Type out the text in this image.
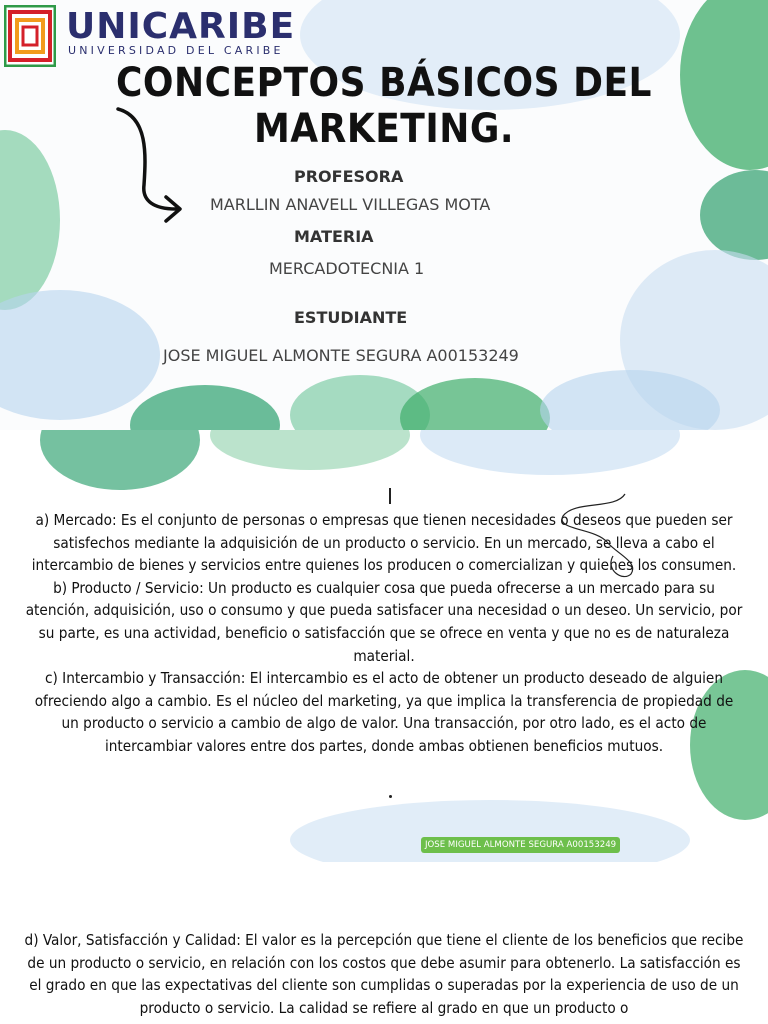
UNICARIBE
UNIVERSIDAD DEL CARIBE
CONCEPTOS BÁSICOS DEL MARKETING.
PROFESORA
MARLLIN ANAVELL VILLEGAS MOTA
MATERIA
MERCADOTECNIA 1
ESTUDIANTE
JOSE MIGUEL ALMONTE SEGURA A00153249

a) Mercado: Es el conjunto de personas o empresas que tienen necesidades o deseos que pueden ser satisfechos mediante la adquisición de un producto o servicio. En un mercado, se lleva a cabo el intercambio de bienes y servicios entre quienes los producen o comercializan y quienes los consumen.

b) Producto / Servicio: Un producto es cualquier cosa que pueda ofrecerse a un mercado para su atención, adquisición, uso o consumo y que pueda satisfacer una necesidad o un deseo. Un servicio, por su parte, es una actividad, beneficio o satisfacción que se ofrece en venta y que no es de naturaleza material.

c) Intercambio y Transacción: El intercambio es el acto de obtener un producto deseado de alguien ofreciendo algo a cambio. Es el núcleo del marketing, ya que implica la transferencia de propiedad de un producto o servicio a cambio de algo de valor. Una transacción, por otro lado, es el acto de intercambiar valores entre dos partes, donde ambas obtienen beneficios mutuos.

JOSE MIGUEL ALMONTE SEGURA A00153249

d) Valor, Satisfacción y Calidad: El valor es la percepción que tiene el cliente de los beneficios que recibe de un producto o servicio, en relación con los costos que debe asumir para obtenerlo. La satisfacción es el grado en que las expectativas del cliente son cumplidas o superadas por la experiencia de uso de un producto o servicio. La calidad se refiere al grado en que un producto o
